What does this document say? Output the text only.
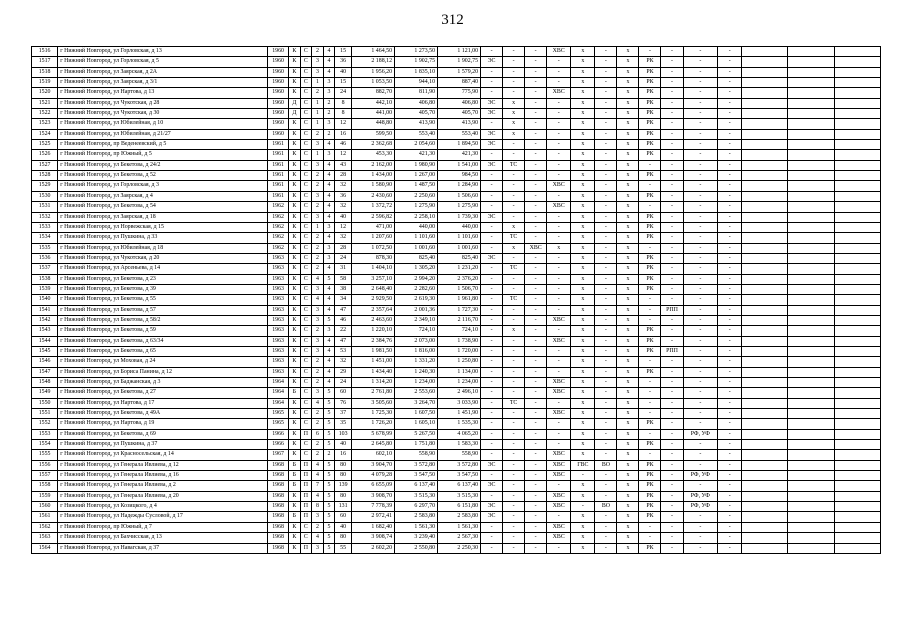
312
1516	г Нижний Новгород, ул Горловская, д 13	1960	К	С	2	4	15	1 464,50	1 273,50	1 121,00	-	-	-	ХВС	х	-	х	-	-	-	-			
1517	г Нижний Новгород, ул Горловская, д 5	1960	К	С	3	4	36	2 188,12	1 902,75	1 902,75	ЭС	-	-	-	х	-	х	РК	-	-	-			
1518	г Нижний Новгород, ул Заярская, д 2А	1960	К	С	3	4	40	1 956,20	1 835,10	1 579,20	-	-	-	-	х	-	х	РК	-	-	-			
1519	г Нижний Новгород, ул Заярская, д 3/1	1960	К	С	1	3	15	1 053,50	944,10	887,40	-	-	-	-	х	-	х	РК	-	-	-			
1520	г Нижний Новгород, ул Нартова, д 13	1960	К	С	2	3	24	882,70	811,90	775,90	-	-	-	ХВС	х	-	х	РК	-	-	-			
1521	г Нижний Новгород, ул Чукотская, д 28	1960	Д	С	1	2	8	442,10	406,80	406,80	ЭС	х	-	-	х	-	х	РК	-	-	-			
1522	г Нижний Новгород, ул Чукотская, д 30	1960	Д	С	1	2	8	441,00	405,70	405,70	ЭС	х	-	-	х	-	х	РК	-	-	-			
1523	г Нижний Новгород, ул Юбилейная, д 10	1960	К	С	1	3	12	448,80	413,90	413,90	-	х	-	-	х	-	х	РК	-	-	-			
1524	г Нижний Новгород, ул Юбилейная, д 21/27	1960	К	С	2	2	16	599,50	553,40	553,40	ЭС	х	-	-	х	-	х	РК	-	-	-			
1525	г Нижний Новгород, пр Веденеевский, д 5	1961	К	С	3	4	46	2 362,68	2 054,60	1 894,50	ЭС	-	-	-	х	-	х	РК	-	-	-			
1526	г Нижний Новгород, пр Южный, д 5	1961	К	С	1	3	12	453,30	421,30	421,30	-	-	-	-	х	-	х	РК	-	-	-			
1527	г Нижний Новгород, ул Бекетова, д 24/2	1961	К	С	3	4	43	2 162,00	1 980,90	1 541,00	ЭС	ТС	-	-	х	-	х	-	-	-	-			
1528	г Нижний Новгород, ул Бекетова, д 52	1961	К	С	2	4	28	1 434,00	1 267,00	984,50	-	-	-	-	х	-	х	РК	-	-	-			
1529	г Нижний Новгород, ул Горловская, д 3	1961	К	С	2	4	32	1 580,90	1 487,50	1 284,90	-	-	-	ХВС	х	-	х	-	-	-	-			
1530	г Нижний Новгород, ул Заярская, д 4	1961	К	С	3	4	36	2 430,60	2 250,60	1 506,60	-	-	-	-	х	-	х	РК	-	-	-			
1531	г Нижний Новгород, ул Бекетова, д 54	1962	К	С	2	4	32	1 372,72	1 275,90	1 275,90	-	-	-	ХВС	х	-	х	-	-	-	-			
1532	г Нижний Новгород, ул Заярская, д 18	1962	К	С	3	4	40	2 596,82	2 258,10	1 739,30	ЭС	-	-	-	х	-	х	РК	-	-	-			
1533	г Нижний Новгород, ул Норвежская, д 15	1962	К	С	1	3	12	471,00	440,00	440,00	-	х	-	-	х	-	х	РК	-	-	-			
1534	г Нижний Новгород, ул Пушкина, д 33	1962	К	С	2	4	32	1 207,60	1 101,60	1 101,60	-	ТС	-	-	х	-	х	РК	-	-	-			
1535	г Нижний Новгород, ул Юбилейная, д 18	1962	К	С	2	3	28	1 072,50	1 001,60	1 001,60	-	х	ХВС	х	х	-	х	-	-	-	-			
1536	г Нижний Новгород, ул Чукотская, д 20	1963	К	С	2	3	24	878,30	825,40	825,40	ЭС	-	-	-	х	-	х	РК	-	-	-			
1537	г Нижний Новгород, ул Арсеньева, д 14	1963	К	С	2	4	31	1 404,10	1 305,20	1 231,20	-	ТС	-	-	х	-	х	РК	-	-	-			
1538	г Нижний Новгород, ул Бекетова, д 23	1963	К	С	4	5	58	3 257,10	2 994,20	2 376,20	-	-	-	-	х	-	х	РК	-	-	-			
1539	г Нижний Новгород, ул Бекетова, д 39	1963	К	С	3	4	38	2 648,40	2 282,60	1 506,70	-	-	-	-	х	-	х	РК	-	-	-			
1540	г Нижний Новгород, ул Бекетова, д 55	1963	К	С	4	4	34	2 929,50	2 619,30	1 961,80	-	ТС	-	-	х	-	х	-	-	-	-			
1541	г Нижний Новгород, ул Бекетова, д 57	1963	К	С	3	4	47	2 357,64	2 001,36	1 727,30	-	-	-	-	х	-	х	-	РПП	-	-			
1542	г Нижний Новгород, ул Бекетова, д 58/2	1963	К	С	3	5	46	2 463,60	2 349,10	2 116,70	-	-	-	ХВС	х	-	х	-	-	-	-			
1543	г Нижний Новгород, ул Бекетова, д 59	1963	К	С	2	3	22	1 220,10	724,10	724,10	-	х	-	-	х	-	х	РК	-	-	-			
1544	г Нижний Новгород, ул Бекетова, д 63/34	1963	К	С	3	4	47	2 384,76	2 073,00	1 738,90	-	-	-	ХВС	х	-	х	РК	-	-	-			
1545	г Нижний Новгород, ул Бекетова, д 65	1963	К	С	3	4	53	1 981,50	1 816,00	1 720,00	-	-	-	-	х	-	х	РК	РПП	-	-			
1546	г Нижний Новгород, ул Моховая, д 24	1963	К	С	2	4	32	1 451,00	1 331,20	1 250,80	-	-	-	-	х	-	х	-	-	-	-			
1547	г Нижний Новгород, ул Бориса Панина, д 12	1963	К	С	2	4	29	1 434,40	1 240,30	1 134,00	-	-	-	-	х	-	х	РК	-	-	-			
1548	г Нижний Новгород, ул Баджанская, д 3	1964	К	С	2	4	24	1 314,20	1 234,00	1 234,00	-	-	-	ХВС	х	-	х	-	-	-	-			
1549	г Нижний Новгород, ул Бекетова, д 27	1964	Б	С	3	5	60	2 761,80	2 553,60	2 496,10	-	-	-	ХВС	х	-	х	-	-	-	-			
1550	г Нижний Новгород, ул Нартова, д 17	1964	К	С	4	5	76	3 505,60	3 264,70	3 033,90	-	ТС	-	-	х	-	х	-	-	-	-			
1551	г Нижний Новгород, ул Бекетова, д 49А	1965	К	С	2	5	37	1 725,30	1 607,50	1 451,90	-	-	-	ХВС	х	-	х	-	-	-	-			
1552	г Нижний Новгород, ул Нартова, д 19	1965	К	С	2	5	35	1 726,20	1 605,10	1 535,30	-	-	-	-	х	-	х	РК	-	-	-			
1553	г Нижний Новгород, ул Бекетова, д 69	1966	К	П	6	5	103	5 678,99	5 267,50	4 065,20	-	-	-	-	х	-	х	-	-	РФ, УФ	-			
1554	г Нижний Новгород, ул Пушкина, д 37	1966	К	С	2	5	40	2 645,80	1 751,80	1 583,30	-	-	-	-	х	-	х	РК	-	-	-			
1555	г Нижний Новгород, ул Красносельская, д 14	1967	К	С	2	2	16	602,10	558,90	558,90	-	-	-	ХВС	х	-	х	-	-	-	-			
1556	г Нижний Новгород, ул Генерала Ивлиева, д 12	1968	Б	П	4	5	80	3 904,70	3 572,80	3 572,80	ЭС	-	-	ХВС	ГВС	ВО	х	РК	-	-	-			
1557	г Нижний Новгород, ул Генерала Ивлиева, д 16	1968	Б	П	4	5	80	4 079,28	3 547,50	3 547,50	-	-	-	ХВС	-	-	х	РК	-	РФ, УФ	-			
1558	г Нижний Новгород, ул Генерала Ивлиева, д 2	1968	Б	П	7	5	139	6 655,09	6 137,40	6 137,40	ЭС	-	-	-	х	-	х	РК	-	-	-			
1559	г Нижний Новгород, ул Генерала Ивлиева, д 20	1968	К	П	4	5	80	3 908,70	3 515,30	3 515,30	-	-	-	ХВС	х	-	х	РК	-	РФ, УФ	-			
1560	г Нижний Новгород, ул Козицкого, д 4	1968	К	П	8	5	131	7 778,39	6 297,70	6 151,80	ЭС	-	-	ХВС	-	ВО	х	РК	-	РФ, УФ	-			
1561	г Нижний Новгород, ул Надежды Сусловой, д 17	1968	Б	П	3	5	60	2 972,41	2 583,80	2 583,80	ЭС	-	-	-	х	-	х	РК	-	-	-			
1562	г Нижний Новгород, пр Южный, д 7	1968	К	С	2	5	40	1 682,40	1 561,30	1 561,30	-	-	-	ХВС	х	-	х	-	-	-	-			
1563	г Нижний Новгород, ул Бахчисская, д 13	1968	К	С	4	5	80	3 908,74	3 239,40	2 567,30	-	-	-	ХВС	х	-	х	-	-	-	-			
1564	г Нижний Новгород, ул Навагская, д 37	1968	К	П	3	5	55	2 602,20	2 550,80	2 250,30	-	-	-	-	х	-	х	РК	-	-	-			
